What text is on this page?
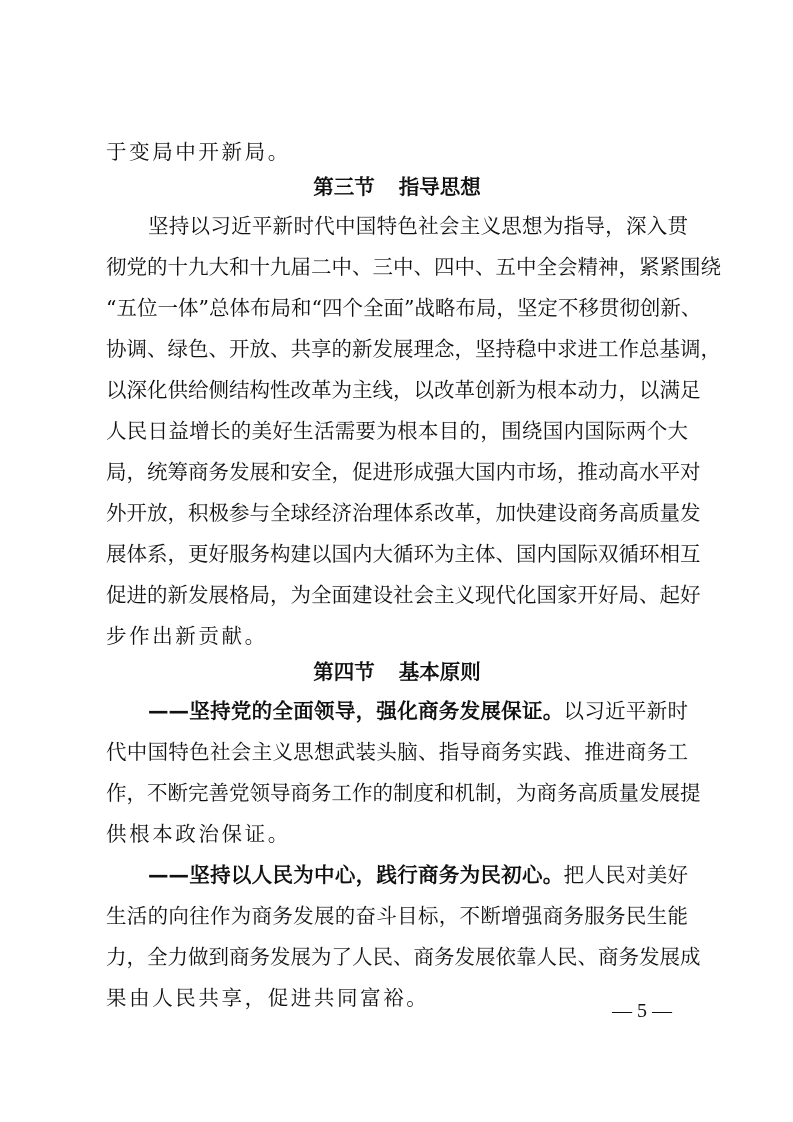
于变局中开新局。
第三节 指导思想
坚持以习近平新时代中国特色社会主义思想为指导，深入贯
彻党的十九大和十九届二中、三中、四中、五中全会精神，紧紧围绕
“五位一体”总体布局和“四个全面”战略布局，坚定不移贯彻创新、
协调、绿色、开放、共享的新发展理念，坚持稳中求进工作总基调，
以深化供给侧结构性改革为主线，以改革创新为根本动力，以满足
人民日益增长的美好生活需要为根本目的，围绕国内国际两个大
局，统筹商务发展和安全，促进形成强大国内市场，推动高水平对
外开放，积极参与全球经济治理体系改革，加快建设商务高质量发
展体系，更好服务构建以国内大循环为主体、国内国际双循环相互
促进的新发展格局，为全面建设社会主义现代化国家开好局、起好
步作出新贡献。
第四节 基本原则
——坚持党的全面领导，强化商务发展保证。以习近平新时
代中国特色社会主义思想武装头脑、指导商务实践、推进商务工
作，不断完善党领导商务工作的制度和机制，为商务高质量发展提
供根本政治保证。
——坚持以人民为中心，践行商务为民初心。把人民对美好
生活的向往作为商务发展的奋斗目标，不断增强商务服务民生能
力，全力做到商务发展为了人民、商务发展依靠人民、商务发展成
果由人民共享，促进共同富裕。
— 5 —
